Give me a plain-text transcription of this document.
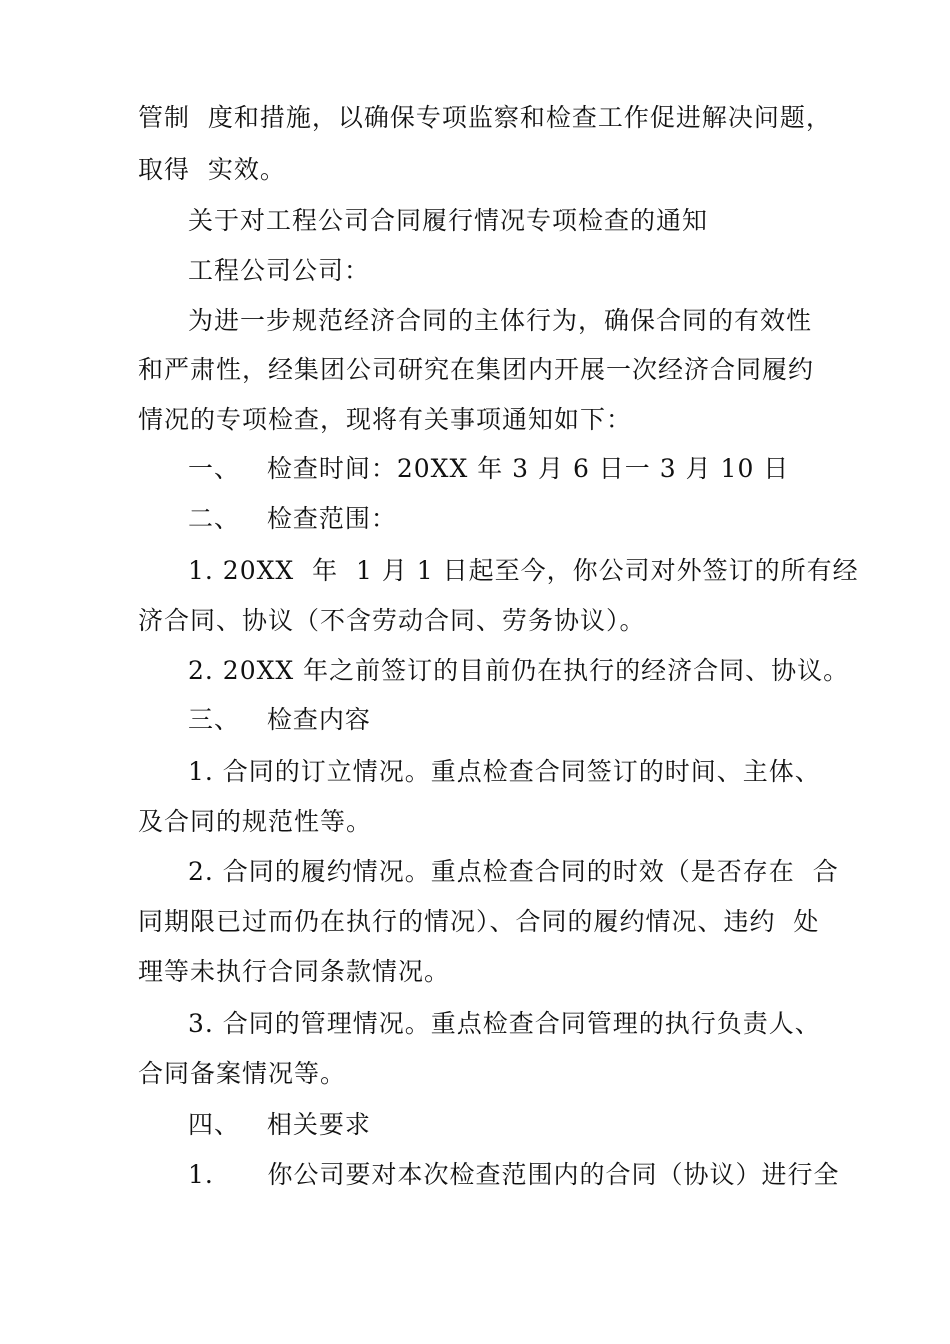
管制  度和措施，以确保专项监察和检查工作促进解决问题，
取得  实效。
关于对工程公司合同履行情况专项检查的通知
工程公司公司：
为进一步规范经济合同的主体行为，确保合同的有效性
和严肃性，经集团公司研究在集团内开展一次经济合同履约
情况的专项检查，现将有关事项通知如下：
一、   检查时间：20XX 年 3 月 6 日一 3 月 10 日
二、   检查范围：
1. 20XX  年  1 月 1 日起至今，你公司对外签订的所有经
济合同、协议（不含劳动合同、劳务协议）。
2. 20XX 年之前签订的目前仍在执行的经济合同、协议。
三、   检查内容
1. 合同的订立情况。重点检查合同签订的时间、主体、
及合同的规范性等。
2. 合同的履约情况。重点检查合同的时效（是否存在  合
同期限已过而仍在执行的情况）、合同的履约情况、违约  处
理等未执行合同条款情况。
3. 合同的管理情况。重点检查合同管理的执行负责人、
合同备案情况等。
四、   相关要求
1.      你公司要对本次检查范围内的合同（协议）进行全
